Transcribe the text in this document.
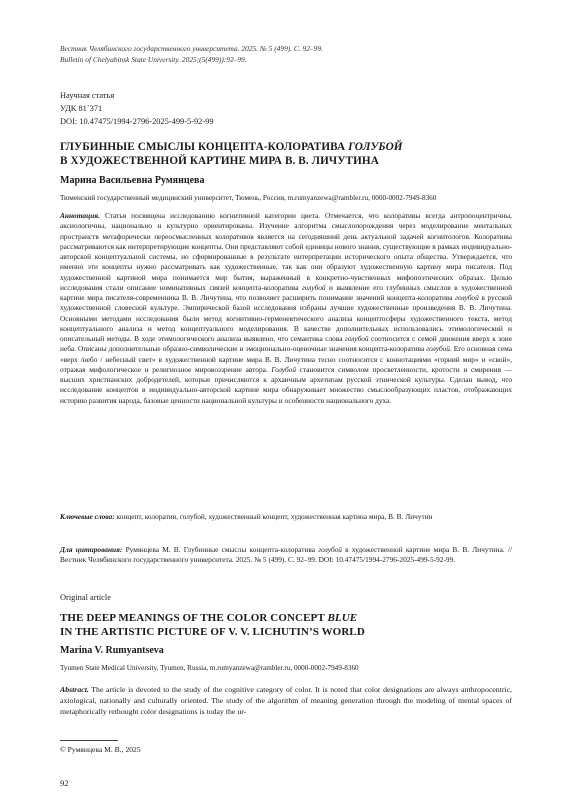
Вестник Челябинского государственного университета. 2025. № 5 (499). С. 92–99.
Bulletin of Chelyabinsk State University. 2025;(5(499)):92–99.
Научная статья
УДК 81`371
DOI: 10.47475/1994-2796-2025-499-5-92-99
ГЛУБИННЫЕ СМЫСЛЫ КОНЦЕПТА-КОЛОРАТИВА ГОЛУБОЙ
В ХУДОЖЕСТВЕННОЙ КАРТИНЕ МИРА В. В. ЛИЧУТИНА
Марина Васильевна Румянцева
Тюменский государственный медицинский университет, Тюмень, Россия, m.rumyanzewa@rambler.ru, 0000-0002-7949-8360

Аннотация. Статья посвящена исследованию когнитивной категории цвета. Отмечается, что колоративы всегда антропоцентричны, аксиологичны, национально и культурно ориентированы. Изучение алгоритма смыслопорождения через моделирование ментальных пространств метафорически переосмысленных колоративов является на сегодняшний день актуальной задачей когнитологов. Колоративы рассматриваются как интерпретирующие концепты. Они представляют собой единицы нового знания, существующие в рамках индивидуально-авторской концептуальной системы, но сформированные в результате интерпретации исторического опыта общества. Утверждается, что именно эти концепты нужно рассматривать как художественные, так как они образуют художественную картину мира писателя. Под художественной картиной мира понимается мир бытия, выраженный в конкретно-чувственных мифопоэтических образах. Целью исследования стали описание номинативных связей концепта-колоратива голубой и выявление его глубинных смыслов в художественной картине мира писателя-современника В. В. Личутина, что позволяет расширить понимание значений концепта-колоратива голубой в русской художественной словесной культуре. Эмпирической базой исследования избраны лучшие художественные произведения В. В. Личутина. Основными методами исследования были метод когнитивно-герменевтического анализа концептосферы художественного текста, метод концептуального анализа и метод концептуального моделирования. В качестве дополнительных использовались этимологический и описательный методы. В ходе этимологического анализа выявлено, что семантика слова голубой соотносится с семой движения вверх к зоне неба. Описаны дополнительные образно-символические и эмоционально-оценочные значения концепта-колоратива голубой. Его основная сема «верх /небо / небесный свет» в художественной картине мира В. В. Личутина тесно соотносится с коннотациями «горний мир» и «свой», отражая мифологическое и религиозное мировоззрение автора. Голубой становится символом просветленности, кротости и смирения — высших христианских добродетелей, которые причисляются к архаичным архетипам русской этнической культуры. Сделан вывод, что исследование концептов в индивидуально-авторской картине мира обнаруживает множество смыслообразующих пластов, отображающих историю развития народа, базовые ценности национальной культуры и особенности национального духа.

Ключевые слова: концепт, колоратив, голубой, художественный концепт, художественная картина мира, В. В. Личутин

Для цитирования: Румянцева М. В. Глубинные смыслы концепта-колоратива голубой в художественной картине мира В. В. Личутина. // Вестник Челябинского государственного университета. 2025. № 5 (499). С. 92–99. DOI: 10.47475/1994-2796-2025-499-5-92-99.

Original article
THE DEEP MEANINGS OF THE COLOR CONCEPT BLUE
IN THE ARTISTIC PICTURE OF V. V. LICHUTIN’S WORLD
Marina V. Rumyantseva
Tyumen State Medical University, Tyumen, Russia, m.rumyanzewa@rambler.ru, 0000-0002-7949-8360

Abstract. The article is devoted to the study of the cognitive category of color. It is noted that color designations are always anthropocentric, axiological, nationally and culturally oriented. The study of the algorithm of meaning generation through the modeling of mental spaces of metaphorically rethought color designations is today the ur-

© Румянцева М. В., 2025
92
